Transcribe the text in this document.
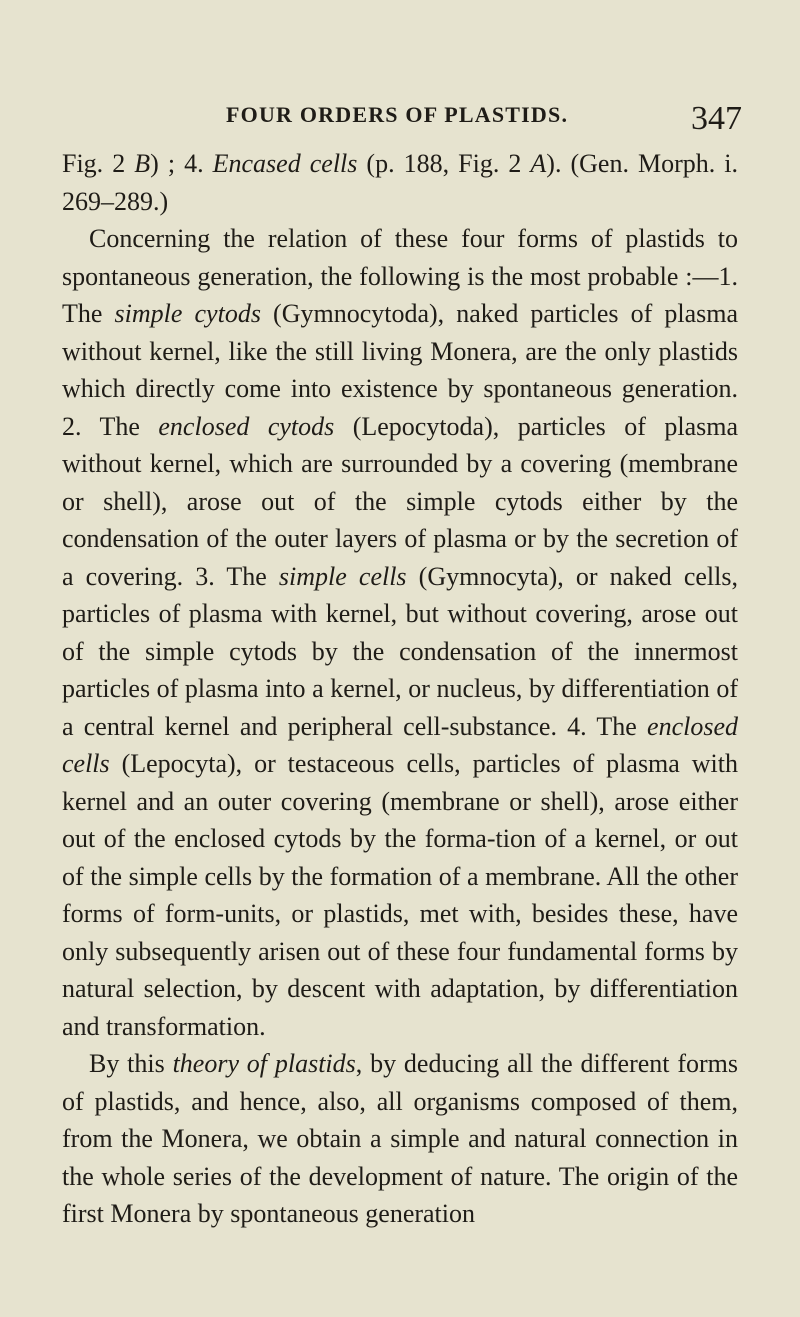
FOUR ORDERS OF PLASTIDS.	347

Fig. 2 B) ; 4. Encased cells (p. 188, Fig. 2 A). (Gen. Morph. i. 269–289.)

Concerning the relation of these four forms of plastids to spontaneous generation, the following is the most probable :—1. The simple cytods (Gymnocytoda), naked particles of plasma without kernel, like the still living Monera, are the only plastids which directly come into existence by spontaneous generation. 2. The enclosed cytods (Lepocytoda), particles of plasma without kernel, which are surrounded by a covering (membrane or shell), arose out of the simple cytods either by the condensation of the outer layers of plasma or by the secretion of a covering. 3. The simple cells (Gymnocyta), or naked cells, particles of plasma with kernel, but without covering, arose out of the simple cytods by the condensation of the innermost particles of plasma into a kernel, or nucleus, by differentiation of a central kernel and peripheral cell-substance. 4. The enclosed cells (Lepocyta), or testaceous cells, particles of plasma with kernel and an outer covering (membrane or shell), arose either out of the enclosed cytods by the forma-tion of a kernel, or out of the simple cells by the formation of a membrane. All the other forms of form-units, or plastids, met with, besides these, have only subsequently arisen out of these four fundamental forms by natural selection, by descent with adaptation, by differentiation and transformation.

By this theory of plastids, by deducing all the different forms of plastids, and hence, also, all organisms composed of them, from the Monera, we obtain a simple and natural connection in the whole series of the development of nature. The origin of the first Monera by spontaneous generation
